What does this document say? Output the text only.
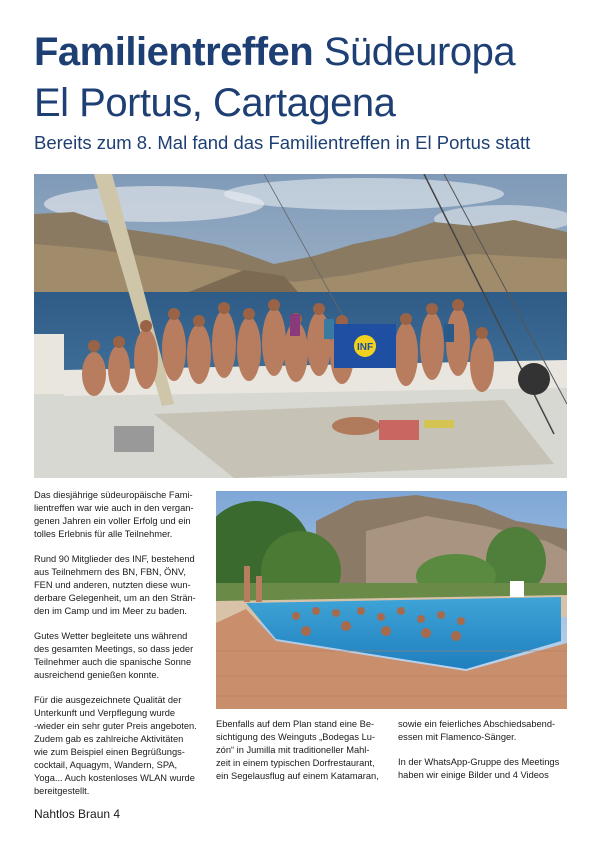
Familientreffen Südeuropa
El Portus, Cartagena
Bereits zum 8. Mal fand das Familientreffen in El Portus statt
INF

Das diesjährige südeuropäische Fami-
lientreffen war wie auch in den vergan-
genen Jahren ein voller Erfolg und ein
tolles Erlebnis für alle Teilnehmer.

Rund 90 Mitglieder des INF, bestehend
aus Teilnehmern des BN, FBN, ÖNV,
FEN und anderen, nutzten diese wun-
derbare Gelegenheit, um an den Strän-
den im Camp und im Meer zu baden.

Gutes Wetter begleitete uns während
des gesamten Meetings, so dass jeder
Teilnehmer auch die spanische Sonne
ausreichend genießen konnte.

Für die ausgezeichnete Qualität der
Unterkunft und Verpflegung wurde
-wieder ein sehr guter Preis angeboten.
Zudem gab es zahlreiche Aktivitäten
wie zum Beispiel einen Begrüßungs-
cocktail, Aquagym, Wandern, SPA,
Yoga... Auch kostenloses WLAN wurde
bereitgestellt.

Ebenfalls auf dem Plan stand eine Be-
sichtigung des Weinguts „Bodegas Lu-
zón“ in Jumilla mit traditioneller Mahl-
zeit in einem typischen Dorfrestaurant,
ein Segelausflug auf einem Katamaran,

sowie ein feierliches Abschiedsabend-
essen mit Flamenco-Sänger.

In der WhatsApp-Gruppe des Meetings
haben wir einige Bilder und 4 Videos

Nahtlos Braun 4
